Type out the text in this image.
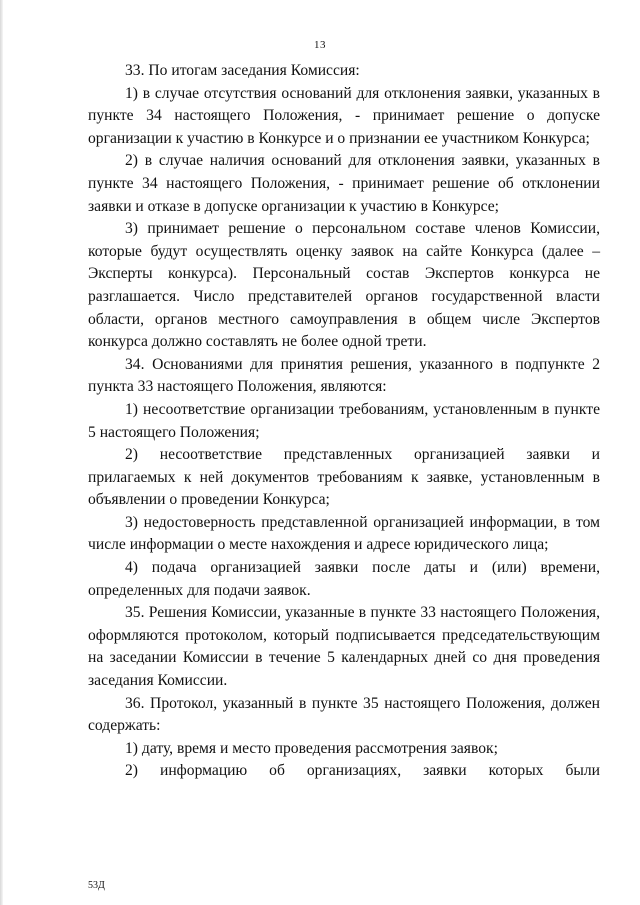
13

33. По итогам заседания Комиссия:

1) в случае отсутствия оснований для отклонения заявки, указанных в пункте 34 настоящего Положения, - принимает решение о допуске организации к участию в Конкурсе и о признании ее участником Конкурса;

2) в случае наличия оснований для отклонения заявки, указанных в пункте 34 настоящего Положения, - принимает решение об отклонении заявки и отказе в допуске организации к участию в Конкурсе;

3) принимает решение о персональном составе членов Комиссии, которые будут осуществлять оценку заявок на сайте Конкурса (далее – Эксперты конкурса). Персональный состав Экспертов конкурса не разглашается. Число представителей органов государственной власти области, органов местного самоуправления в общем числе Экспертов конкурса должно составлять не более одной трети.

34. Основаниями для принятия решения, указанного в подпункте 2 пункта 33 настоящего Положения, являются:

1) несоответствие организации требованиям, установленным в пункте 5 настоящего Положения;

2) несоответствие представленных организацией заявки и прилагаемых к ней документов требованиям к заявке, установленным в объявлении о проведении Конкурса;

3) недостоверность представленной организацией информации, в том числе информации о месте нахождения и адресе юридического лица;

4) подача организацией заявки после даты и (или) времени, определенных для подачи заявок.

35. Решения Комиссии, указанные в пункте 33 настоящего Положения, оформляются протоколом, который подписывается председательствующим на заседании Комиссии в течение 5 календарных дней со дня проведения заседания Комиссии.

36. Протокол, указанный в пункте 35 настоящего Положения, должен содержать:

1) дату, время и место проведения рассмотрения заявок;

2) информацию об организациях, заявки которых были

53Д
